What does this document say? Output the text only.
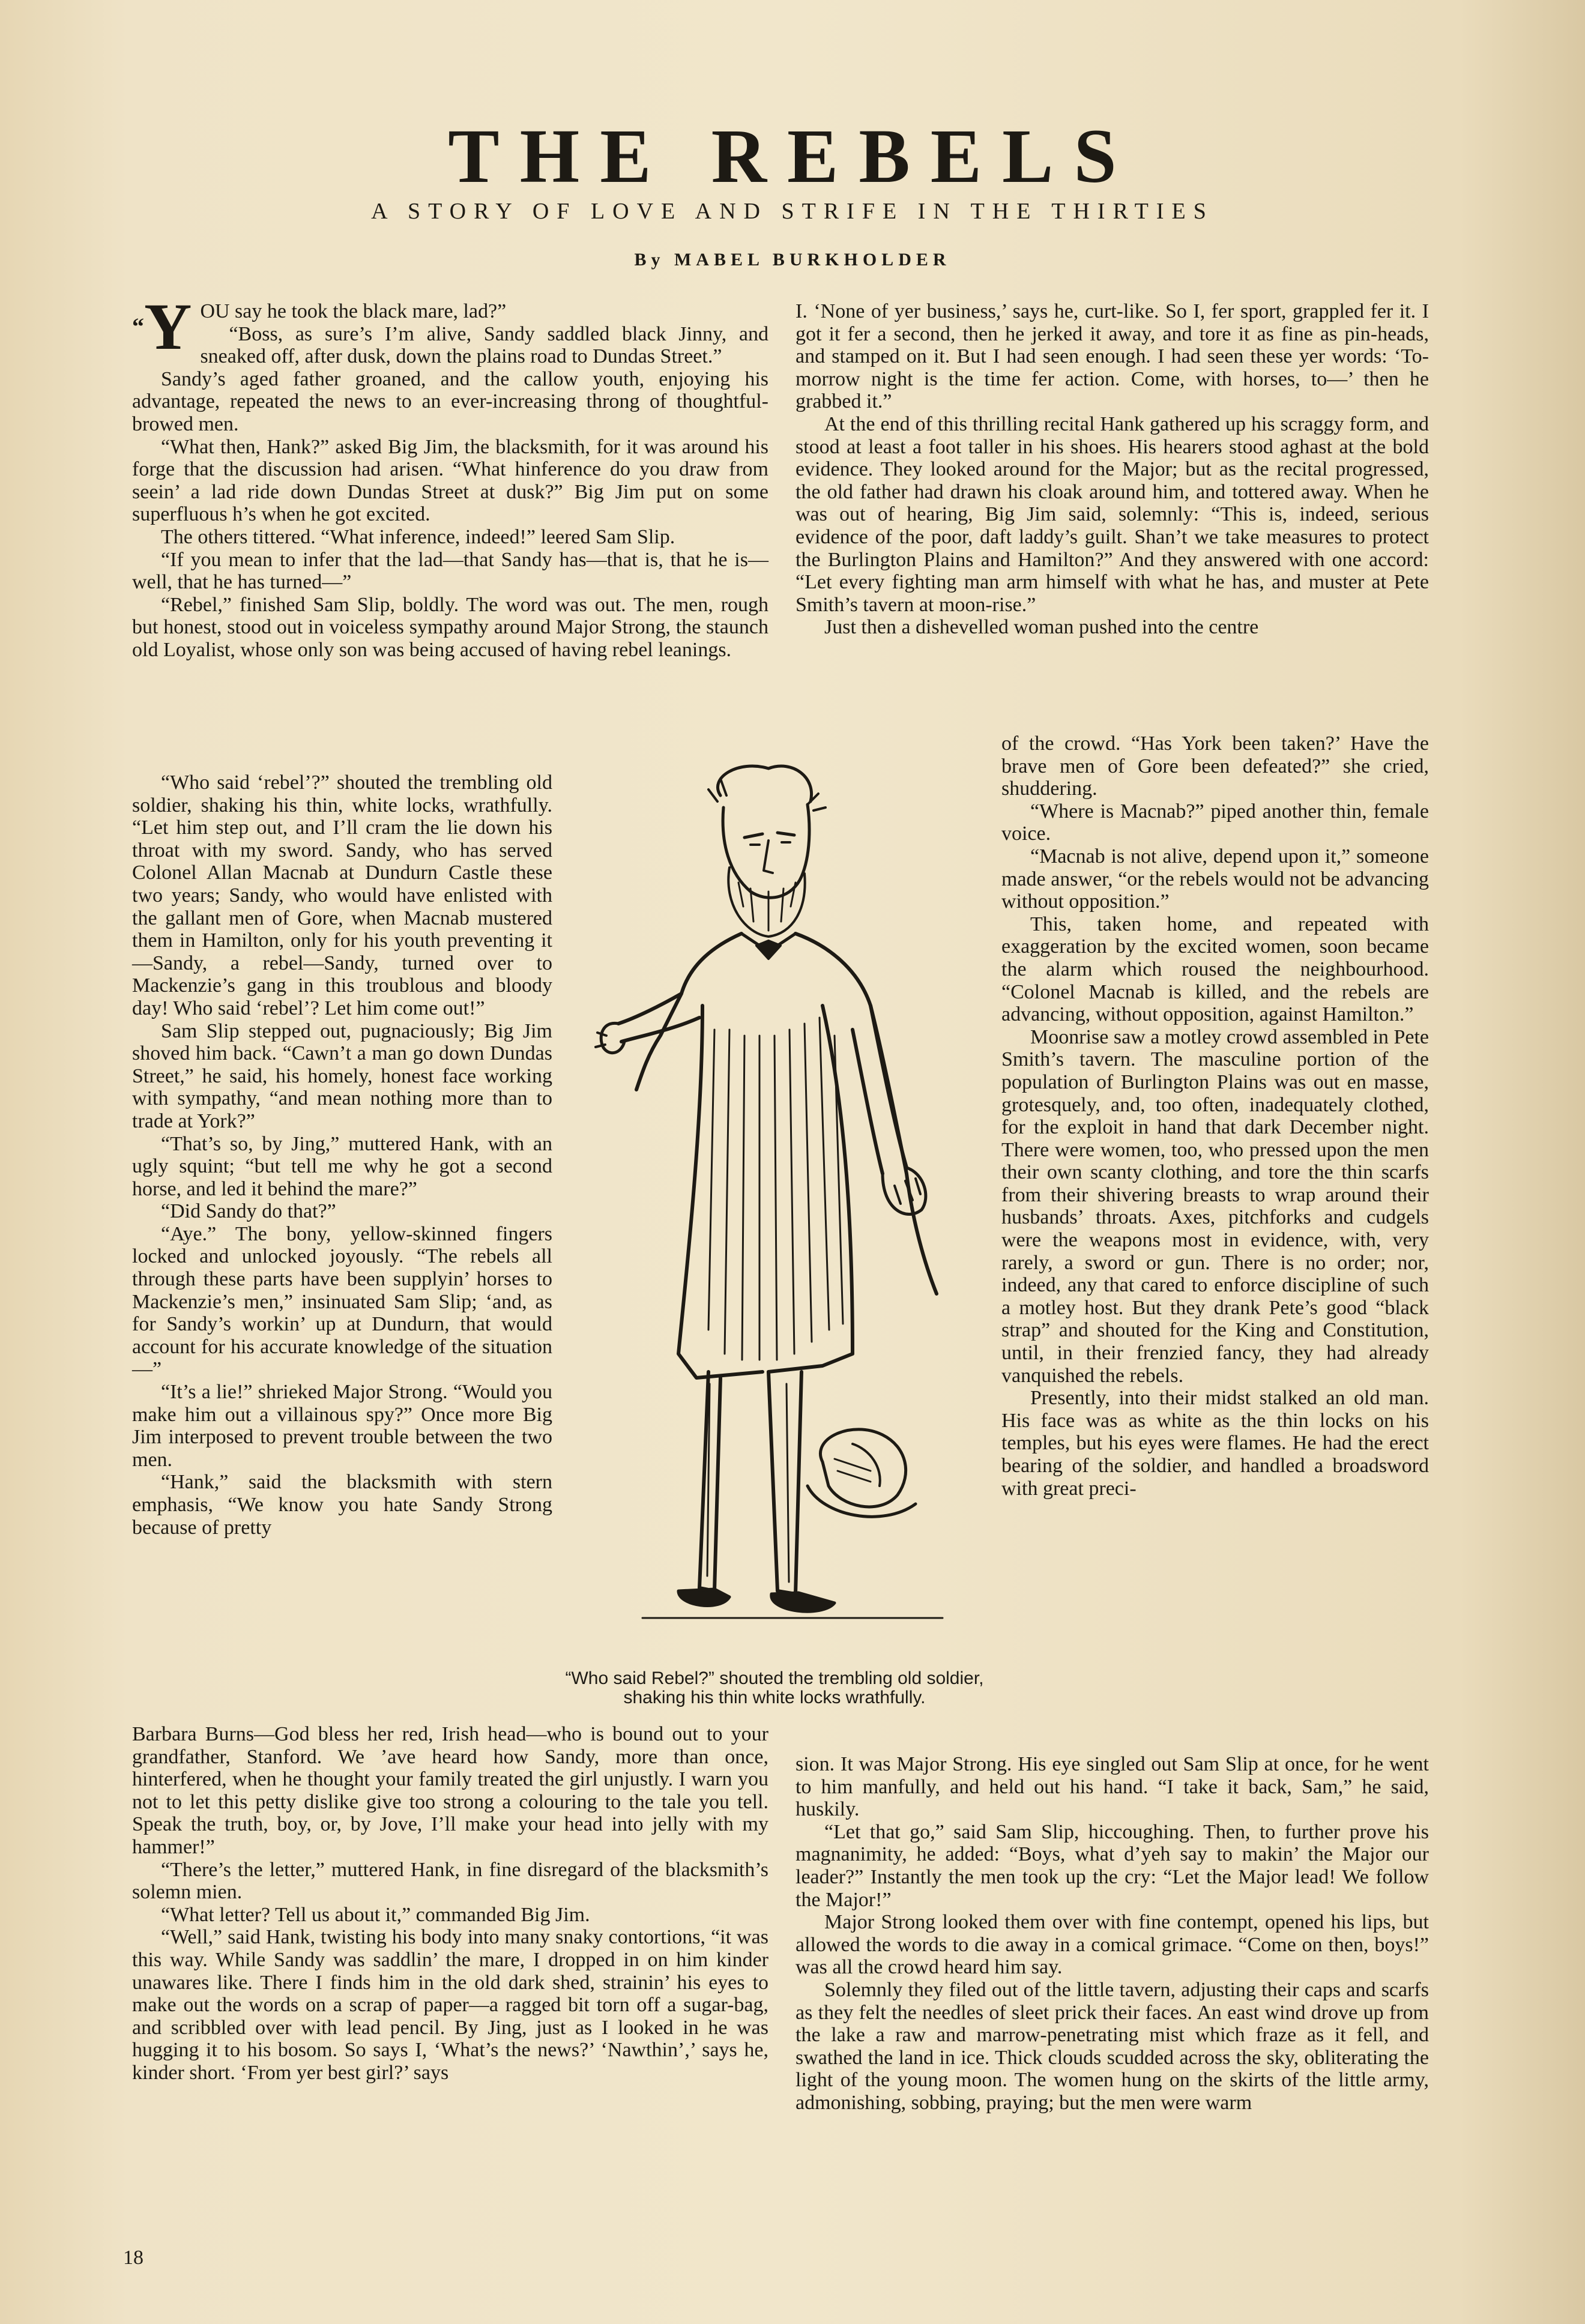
THE REBELS
A STORY OF LOVE AND STRIFE IN THE THIRTIES
By MABEL BURKHOLDER

“Y OU say he took the black mare, lad?”

“Boss, as sure’s I’m alive, Sandy saddled black Jinny, and sneaked off, after dusk, down the plains road to Dundas Street.”

Sandy’s aged father groaned, and the callow youth, enjoying his advantage, repeated the news to an ever-increasing throng of thoughtful-browed men.

“What then, Hank?” asked Big Jim, the blacksmith, for it was around his forge that the discussion had arisen. “What hinference do you draw from seein’ a lad ride down Dundas Street at dusk?” Big Jim put on some superfluous h’s when he got excited.

The others tittered. “What inference, indeed!” leered Sam Slip.

“If you mean to infer that the lad—that Sandy has—that is, that he is—well, that he has turned—”

“Rebel,” finished Sam Slip, boldly. The word was out. The men, rough but honest, stood out in voiceless sympathy around Major Strong, the staunch old Loyalist, whose only son was being accused of having rebel leanings.

“Who said ‘rebel’?” shouted the trembling old soldier, shaking his thin, white locks, wrathfully. “Let him step out, and I’ll cram the lie down his throat with my sword. Sandy, who has served Colonel Allan Macnab at Dundurn Castle these two years; Sandy, who would have enlisted with the gallant men of Gore, when Macnab mustered them in Hamilton, only for his youth preventing it—Sandy, a rebel—Sandy, turned over to Mackenzie’s gang in this troublous and bloody day! Who said ‘rebel’? Let him come out!”

Sam Slip stepped out, pugnaciously; Big Jim shoved him back. “Cawn’t a man go down Dundas Street,” he said, his homely, honest face working with sympathy, “and mean nothing more than to trade at York?”

“That’s so, by Jing,” muttered Hank, with an ugly squint; “but tell me why he got a second horse, and led it behind the mare?”

“Did Sandy do that?”

“Aye.” The bony, yellow-skinned fingers locked and unlocked joyously. “The rebels all through these parts have been supplyin’ horses to Mackenzie’s men,” insinuated Sam Slip; ‘and, as for Sandy’s workin’ up at Dundurn, that would account for his accurate knowledge of the situation—”

“It’s a lie!” shrieked Major Strong. “Would you make him out a villainous spy?” Once more Big Jim interposed to prevent trouble between the two men.

“Hank,” said the blacksmith with stern emphasis, “We know you hate Sandy Strong because of pretty

Barbara Burns—God bless her red, Irish head—who is bound out to your grandfather, Stanford. We ’ave heard how Sandy, more than once, hinterfered, when he thought your family treated the girl unjustly. I warn you not to let this petty dislike give too strong a colouring to the tale you tell. Speak the truth, boy, or, by Jove, I’ll make your head into jelly with my hammer!”

“There’s the letter,” muttered Hank, in fine disregard of the blacksmith’s solemn mien.

“What letter? Tell us about it,” commanded Big Jim.

“Well,” said Hank, twisting his body into many snaky contortions, “it was this way. While Sandy was saddlin’ the mare, I dropped in on him kinder unawares like. There I finds him in the old dark shed, strainin’ his eyes to make out the words on a scrap of paper—a ragged bit torn off a sugar-bag, and scribbled over with lead pencil. By Jing, just as I looked in he was hugging it to his bosom. So says I, ‘What’s the news?’ ‘Nawthin’,’ says he, kinder short. ‘From yer best girl?’ says

I. ‘None of yer business,’ says he, curt-like. So I, fer sport, grappled fer it. I got it fer a second, then he jerked it away, and tore it as fine as pin-heads, and stamped on it. But I had seen enough. I had seen these yer words: ‘To-morrow night is the time fer action. Come, with horses, to—’ then he grabbed it.”

At the end of this thrilling recital Hank gathered up his scraggy form, and stood at least a foot taller in his shoes. His hearers stood aghast at the bold evidence. They looked around for the Major; but as the recital progressed, the old father had drawn his cloak around him, and tottered away. When he was out of hearing, Big Jim said, solemnly: “This is, indeed, serious evidence of the poor, daft laddy’s guilt. Shan’t we take measures to protect the Burlington Plains and Hamilton?” And they answered with one accord: “Let every fighting man arm himself with what he has, and muster at Pete Smith’s tavern at moon-rise.”

Just then a dishevelled woman pushed into the centre

of the crowd. “Has York been taken?’ Have the brave men of Gore been defeated?” she cried, shuddering.

“Where is Macnab?” piped another thin, female voice.

“Macnab is not alive, depend upon it,” someone made answer, “or the rebels would not be advancing without opposition.”

This, taken home, and repeated with exaggeration by the excited women, soon became the alarm which roused the neighbourhood. “Colonel Macnab is killed, and the rebels are advancing, without opposition, against Hamilton.”

Moonrise saw a motley crowd assembled in Pete Smith’s tavern. The masculine portion of the population of Burlington Plains was out en masse, grotesquely, and, too often, inadequately clothed, for the exploit in hand that dark December night. There were women, too, who pressed upon the men their own scanty clothing, and tore the thin scarfs from their shivering breasts to wrap around their husbands’ throats. Axes, pitchforks and cudgels were the weapons most in evidence, with, very rarely, a sword or gun. There is no order; nor, indeed, any that cared to enforce discipline of such a motley host. But they drank Pete’s good “black strap” and shouted for the King and Constitution, until, in their frenzied fancy, they had already vanquished the rebels.

Presently, into their midst stalked an old man. His face was as white as the thin locks on his temples, but his eyes were flames. He had the erect bearing of the soldier, and handled a broadsword with great preci-

sion. It was Major Strong. His eye singled out Sam Slip at once, for he went to him manfully, and held out his hand. “I take it back, Sam,” he said, huskily.

“Let that go,” said Sam Slip, hiccoughing. Then, to further prove his magnanimity, he added: “Boys, what d’yeh say to makin’ the Major our leader?” Instantly the men took up the cry: “Let the Major lead! We follow the Major!”

Major Strong looked them over with fine contempt, opened his lips, but allowed the words to die away in a comical grimace. “Come on then, boys!” was all the crowd heard him say.

Solemnly they filed out of the little tavern, adjusting their caps and scarfs as they felt the needles of sleet prick their faces. An east wind drove up from the lake a raw and marrow-penetrating mist which fraze as it fell, and swathed the land in ice. Thick clouds scudded across the sky, obliterating the light of the young moon. The women hung on the skirts of the little army, admonishing, sobbing, praying; but the men were warm

“Who said Rebel?” shouted the trembling old soldier, shaking his thin white locks wrathfully.
18
